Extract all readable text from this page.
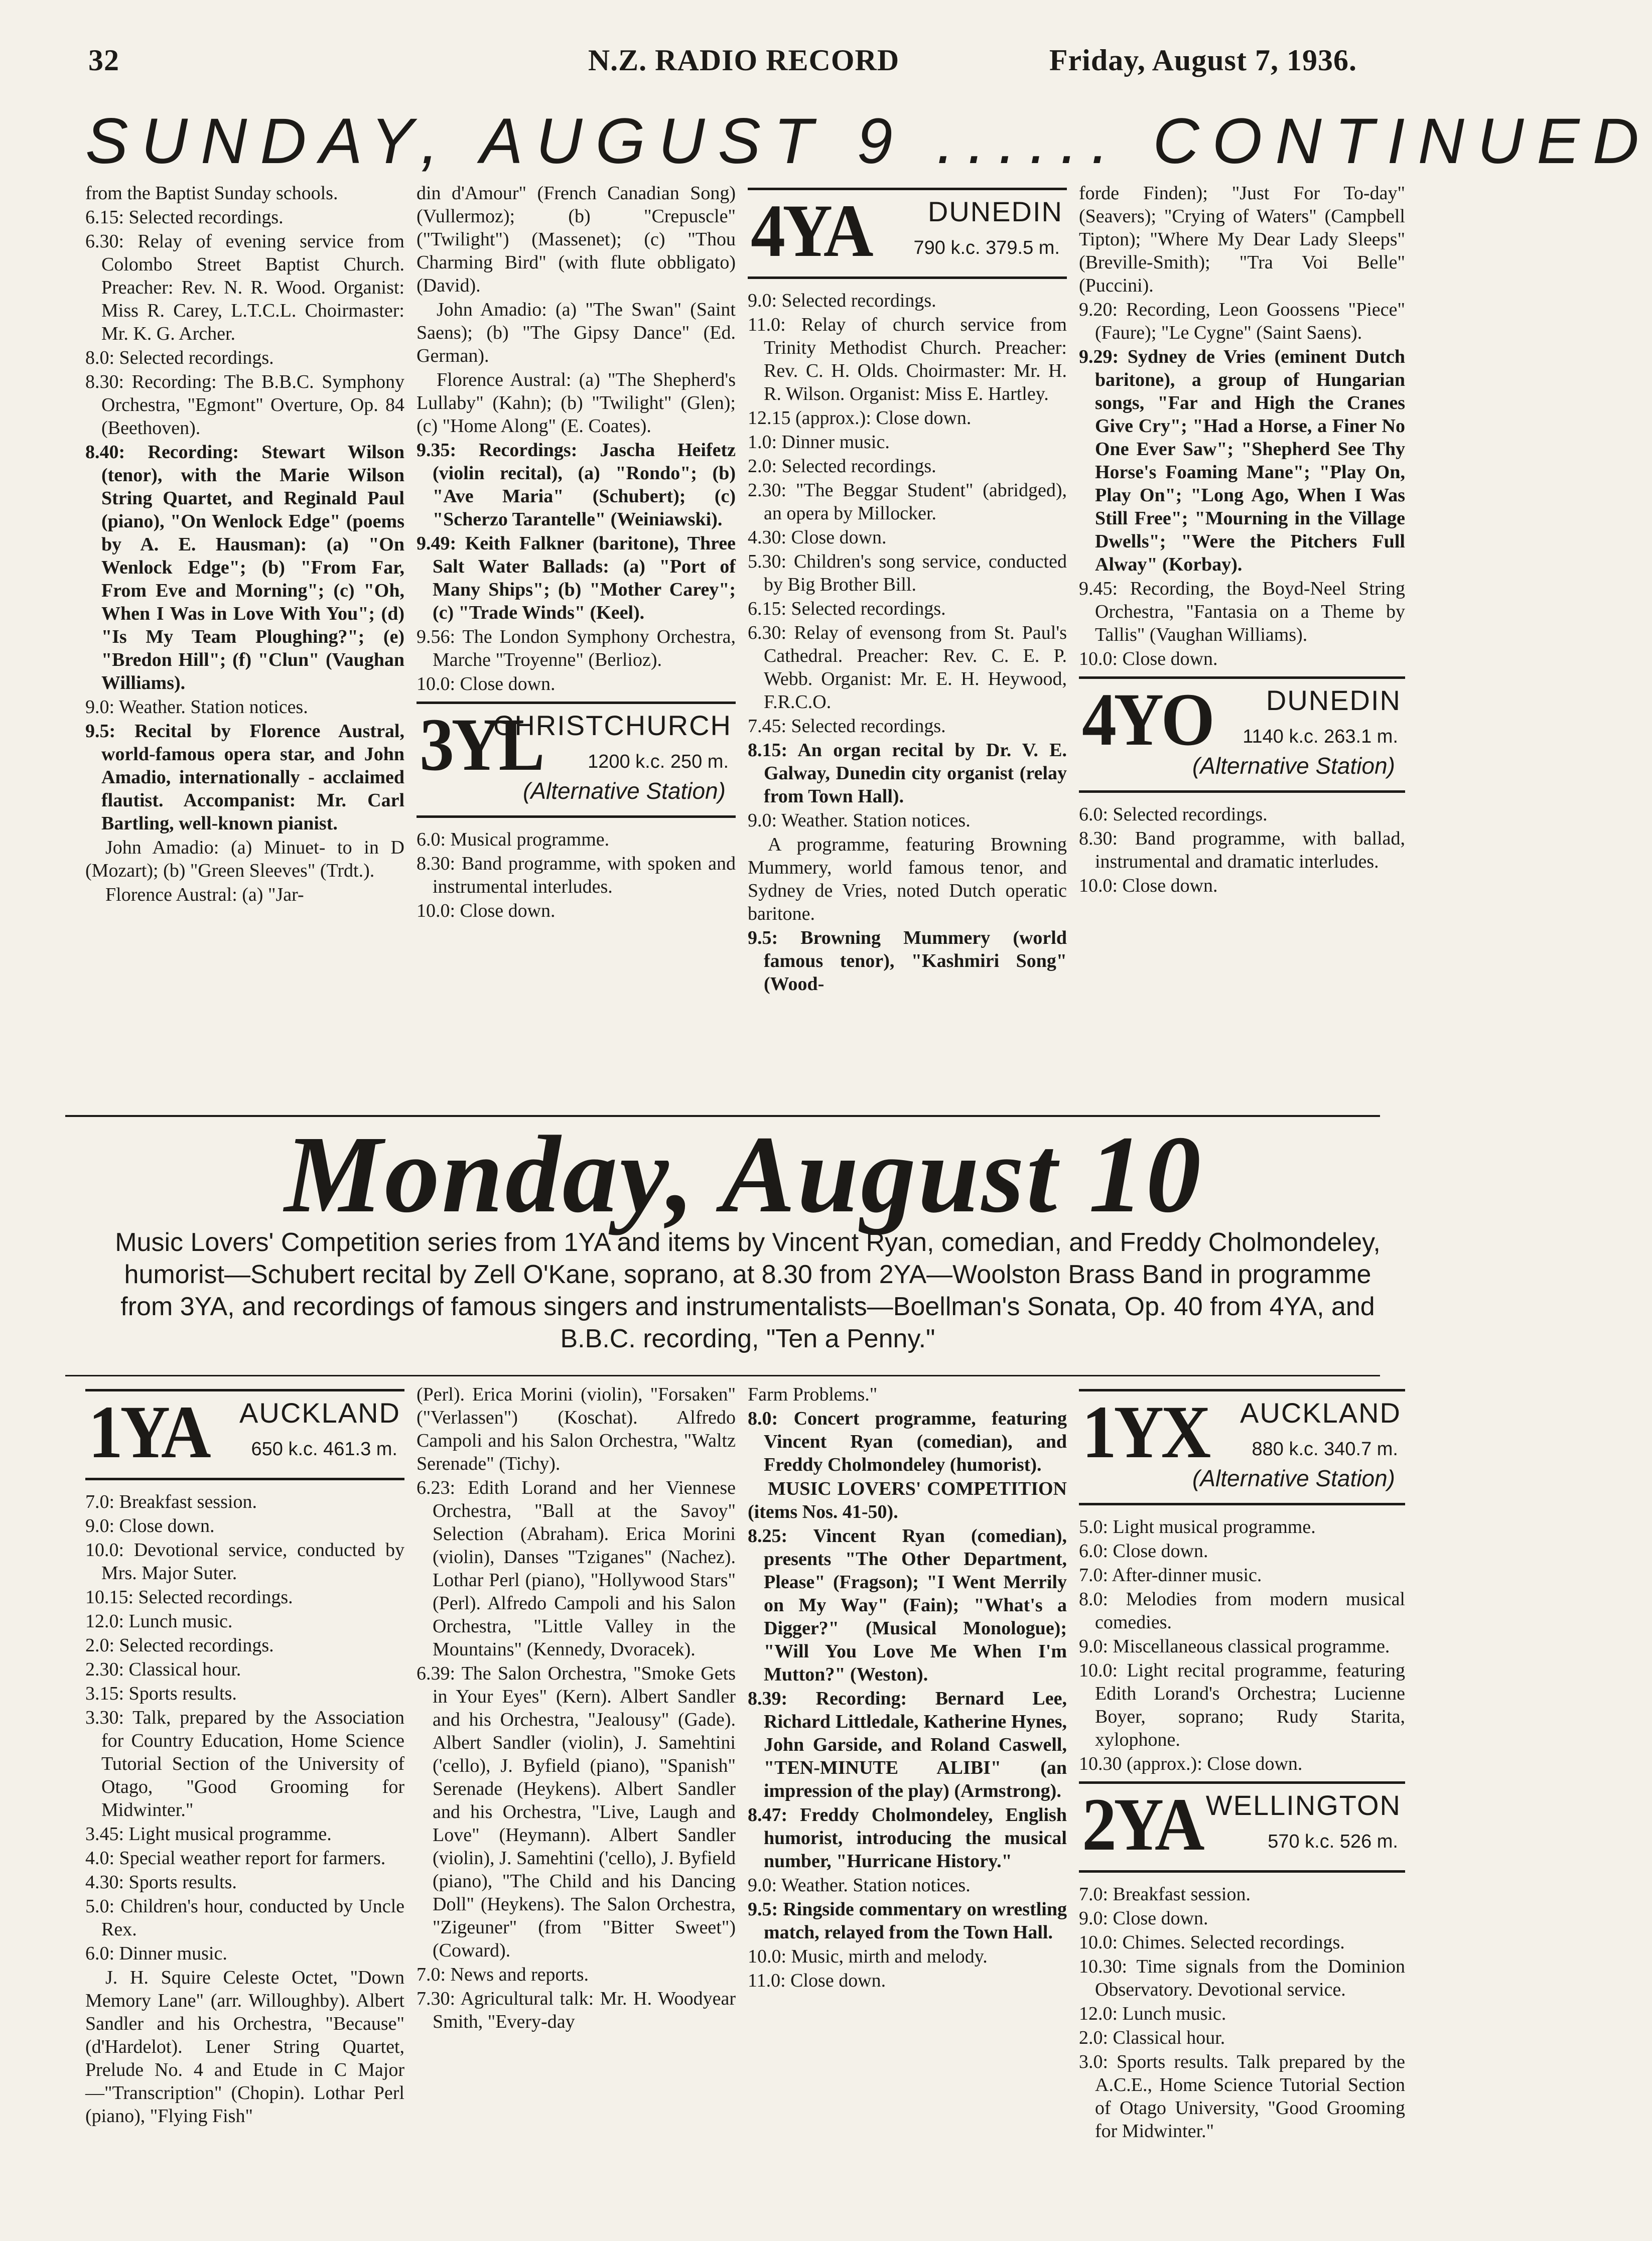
32	N.Z. RADIO RECORD	Friday, August 7, 1936.
SUNDAY, AUGUST 9 ...... CONTINUED

from the Baptist Sunday schools.

6.15: Selected recordings.

6.30: Relay of evening service from Colombo Street Baptist Church. Preacher: Rev. N. R. Wood. Organist: Miss R. Carey, L.T.C.L. Choirmaster: Mr. K. G. Archer.

8.0: Selected recordings.

8.30: Recording: The B.B.C. Symphony Orchestra, "Egmont" Overture, Op. 84 (Beethoven).

8.40: Recording: Stewart Wilson (tenor), with the Marie Wilson String Quartet, and Reginald Paul (piano), "On Wenlock Edge" (poems by A. E. Hausman): (a) "On Wenlock Edge"; (b) "From Far, From Eve and Morning"; (c) "Oh, When I Was in Love With You"; (d) "Is My Team Ploughing?"; (e) "Bredon Hill"; (f) "Clun" (Vaughan Williams).

9.0: Weather. Station notices.

9.5: Recital by Florence Austral, world-famous opera star, and John Amadio, internationally - acclaimed flautist. Accompanist: Mr. Carl Bartling, well-known pianist.

John Amadio: (a) Minuet- to in D (Mozart); (b) "Green Sleeves" (Trdt.).

Florence Austral: (a) "Jar-

din d'Amour" (French Canadian Song) (Vullermoz); (b) "Crepuscle" ("Twilight") (Massenet); (c) "Thou Charming Bird" (with flute obbligato) (David).

John Amadio: (a) "The Swan" (Saint Saens); (b) "The Gipsy Dance" (Ed. German).

Florence Austral: (a) "The Shepherd's Lullaby" (Kahn); (b) "Twilight" (Glen); (c) "Home Along" (E. Coates).

9.35: Recordings: Jascha Heifetz (violin recital), (a) "Rondo"; (b) "Ave Maria" (Schubert); (c) "Scherzo Tarantelle" (Weiniawski).

9.49: Keith Falkner (baritone), Three Salt Water Ballads: (a) "Port of Many Ships"; (b) "Mother Carey"; (c) "Trade Winds" (Keel).

9.56: The London Symphony Orchestra, Marche "Troyenne" (Berlioz).

10.0: Close down.

3YL
CHRISTCHURCH
1200 k.c. 250 m.
(Alternative Station)

6.0: Musical programme.

8.30: Band programme, with spoken and instrumental interludes.

10.0: Close down.

4YA DUNEDIN
790 k.c. 379.5 m.

9.0: Selected recordings.

11.0: Relay of church service from Trinity Methodist Church. Preacher: Rev. C. H. Olds. Choirmaster: Mr. H. R. Wilson. Organist: Miss E. Hartley.

12.15 (approx.): Close down.

1.0: Dinner music.

2.0: Selected recordings.

2.30: "The Beggar Student" (abridged), an opera by Millocker.

4.30: Close down.

5.30: Children's song service, conducted by Big Brother Bill.

6.15: Selected recordings.

6.30: Relay of evensong from St. Paul's Cathedral. Preacher: Rev. C. E. P. Webb. Organist: Mr. E. H. Heywood, F.R.C.O.

7.45: Selected recordings.

8.15: An organ recital by Dr. V. E. Galway, Dunedin city organist (relay from Town Hall).

9.0: Weather. Station notices.

A programme, featuring Browning Mummery, world famous tenor, and Sydney de Vries, noted Dutch operatic baritone.

9.5: Browning Mummery (world famous tenor), "Kashmiri Song" (Wood-

forde Finden); "Just For To-day" (Seavers); "Crying of Waters" (Campbell Tipton); "Where My Dear Lady Sleeps" (Breville-Smith); "Tra Voi Belle" (Puccini).

9.20: Recording, Leon Goossens "Piece" (Faure); "Le Cygne" (Saint Saens).

9.29: Sydney de Vries (eminent Dutch baritone), a group of Hungarian songs, "Far and High the Cranes Give Cry"; "Had a Horse, a Finer No One Ever Saw"; "Shepherd See Thy Horse's Foaming Mane"; "Play On, Play On"; "Long Ago, When I Was Still Free"; "Mourning in the Village Dwells"; "Were the Pitchers Full Alway" (Korbay).

9.45: Recording, the Boyd-Neel String Orchestra, "Fantasia on a Theme by Tallis" (Vaughan Williams).

10.0: Close down.

4YO DUNEDIN
1140 k.c. 263.1 m.
(Alternative Station)

6.0: Selected recordings.

8.30: Band programme, with ballad, instrumental and dramatic interludes.

10.0: Close down.

Monday, August 10
Music Lovers' Competition series from 1YA and items by Vincent Ryan, comedian, and Freddy Cholmondeley, humorist—Schubert recital by Zell O'Kane, soprano, at 8.30 from 2YA—Woolston Brass Band in programme from 3YA, and recordings of famous singers and instrumentalists—Boellman's Sonata, Op. 40 from 4YA, and B.B.C. recording, "Ten a Penny."
1YA AUCKLAND
650 k.c. 461.3 m.

7.0: Breakfast session.

9.0: Close down.

10.0: Devotional service, conducted by Mrs. Major Suter.

10.15: Selected recordings.

12.0: Lunch music.

2.0: Selected recordings.

2.30: Classical hour.

3.15: Sports results.

3.30: Talk, prepared by the Association for Country Education, Home Science Tutorial Section of the University of Otago, "Good Grooming for Midwinter."

3.45: Light musical programme.

4.0: Special weather report for farmers.

4.30: Sports results.

5.0: Children's hour, conducted by Uncle Rex.

6.0: Dinner music.

J. H. Squire Celeste Octet, "Down Memory Lane" (arr. Willoughby). Albert Sandler and his Orchestra, "Because" (d'Hardelot). Lener String Quartet, Prelude No. 4 and Etude in C Major—"Transcription" (Chopin). Lothar Perl (piano), "Flying Fish"

(Perl). Erica Morini (violin), "Forsaken" ("Verlassen") (Koschat). Alfredo Campoli and his Salon Orchestra, "Waltz Serenade" (Tichy).

6.23: Edith Lorand and her Viennese Orchestra, "Ball at the Savoy" Selection (Abraham). Erica Morini (violin), Danses "Tziganes" (Nachez). Lothar Perl (piano), "Hollywood Stars" (Perl). Alfredo Campoli and his Salon Orchestra, "Little Valley in the Mountains" (Kennedy, Dvoracek).

6.39: The Salon Orchestra, "Smoke Gets in Your Eyes" (Kern). Albert Sandler and his Orchestra, "Jealousy" (Gade). Albert Sandler (violin), J. Samehtini ('cello), J. Byfield (piano), "Spanish" Serenade (Heykens). Albert Sandler and his Orchestra, "Live, Laugh and Love" (Heymann). Albert Sandler (violin), J. Samehtini ('cello), J. Byfield (piano), "The Child and his Dancing Doll" (Heykens). The Salon Orchestra, "Zigeuner" (from "Bitter Sweet") (Coward).

7.0: News and reports.

7.30: Agricultural talk: Mr. H. Woodyear Smith, "Every-day

Farm Problems."

8.0: Concert programme, featuring Vincent Ryan (comedian), and Freddy Cholmondeley (humorist).

MUSIC LOVERS' COMPETITION (items Nos. 41-50).

8.25: Vincent Ryan (comedian), presents "The Other Department, Please" (Fragson); "I Went Merrily on My Way" (Fain); "What's a Digger?" (Musical Monologue); "Will You Love Me When I'm Mutton?" (Weston).

8.39: Recording: Bernard Lee, Richard Littledale, Katherine Hynes, John Garside, and Roland Caswell, "TEN-MINUTE ALIBI" (an impression of the play) (Armstrong).

8.47: Freddy Cholmondeley, English humorist, introducing the musical number, "Hurricane History."

9.0: Weather. Station notices.

9.5: Ringside commentary on wrestling match, relayed from the Town Hall.

10.0: Music, mirth and melody.

11.0: Close down.

1YX AUCKLAND
880 k.c. 340.7 m.
(Alternative Station)

5.0: Light musical programme.

6.0: Close down.

7.0: After-dinner music.

8.0: Melodies from modern musical comedies.

9.0: Miscellaneous classical programme.

10.0: Light recital programme, featuring Edith Lorand's Orchestra; Lucienne Boyer, soprano; Rudy Starita, xylophone.

10.30 (approx.): Close down.

2YA WELLINGTON
570 k.c. 526 m.

7.0: Breakfast session.

9.0: Close down.

10.0: Chimes. Selected recordings.

10.30: Time signals from the Dominion Observatory. Devotional service.

12.0: Lunch music.

2.0: Classical hour.

3.0: Sports results. Talk prepared by the A.C.E., Home Science Tutorial Section of Otago University, "Good Grooming for Midwinter."
